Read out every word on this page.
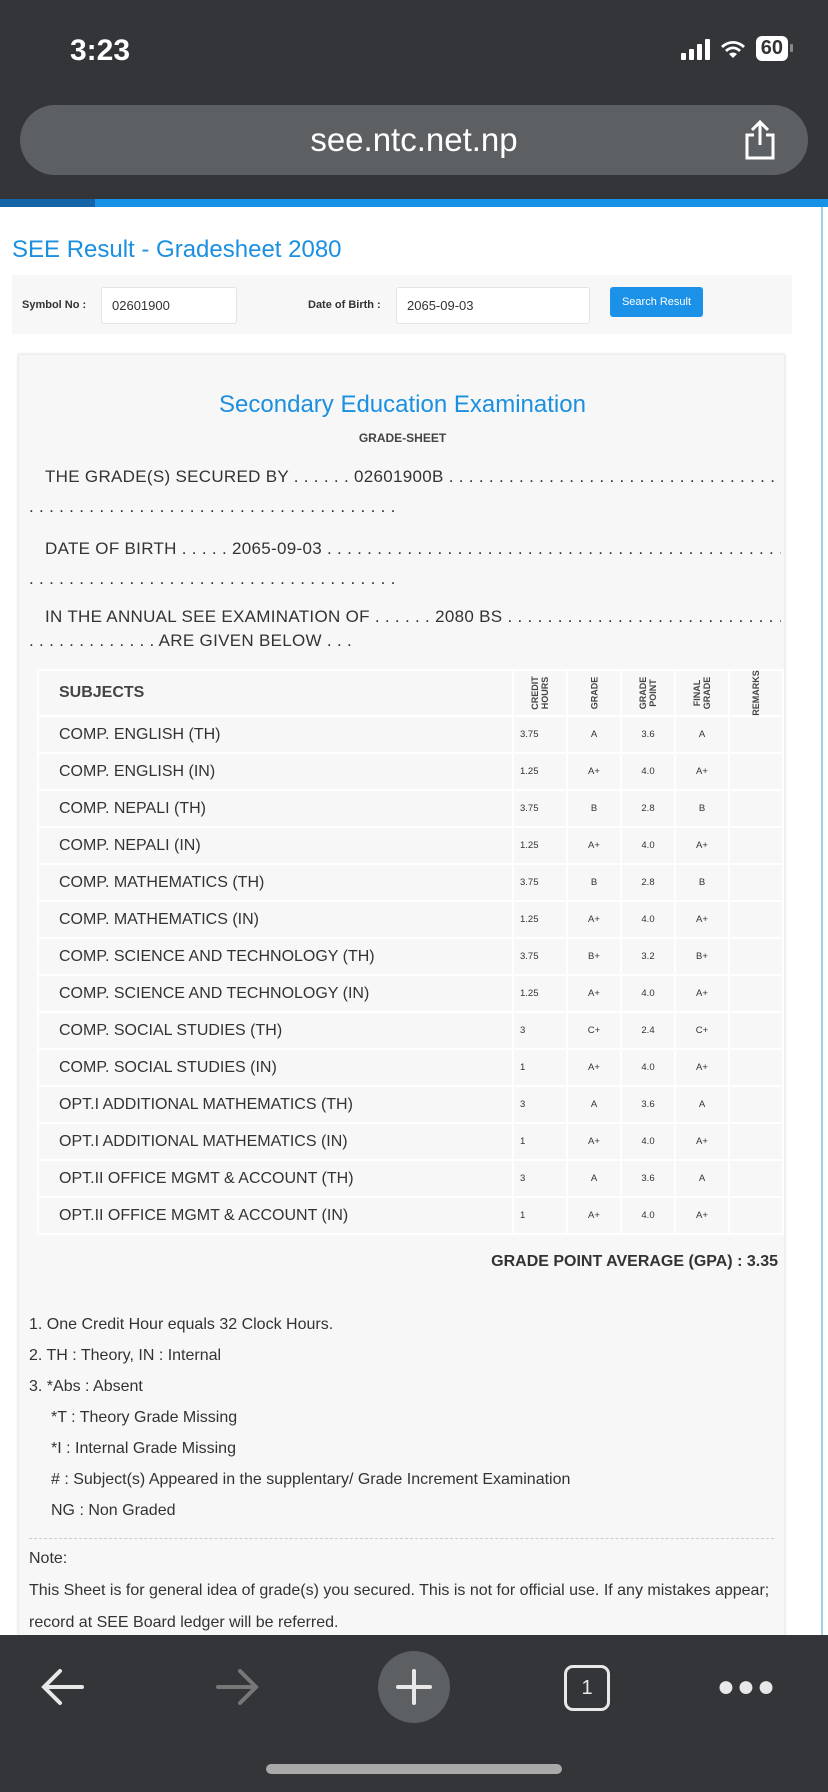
3:23	60
see.ntc.net.np
SEE Result - Gradesheet 2080
Symbol No :
02601900	Date of Birth :
2065-09-03	Search Result
Secondary Education Examination
GRADE-SHEET
THE GRADE(S) SECURED BY . . .	02601900B . . .
. . .
DATE OF BIRTH . . .	2065-09-03 . . .
. . .
IN THE ANNUAL SEE EXAMINATION OF . . .	2080 BS . . .
. . .ARE GIVEN BELOW . . .
SUBJECTS	CREDIT HOURS	GRADE	GRADE POINT	FINAL GRADE	REMARKS
COMP. ENGLISH (TH)	3.75	A	3.6	A	
COMP. ENGLISH (IN)	1.25	A+	4.0	A+	
COMP. NEPALI (TH)	3.75	B	2.8	B	
COMP. NEPALI (IN)	1.25	A+	4.0	A+	
COMP. MATHEMATICS (TH)	3.75	B	2.8	B	
COMP. MATHEMATICS (IN)	1.25	A+	4.0	A+	
COMP. SCIENCE AND TECHNOLOGY (TH)	3.75	B+	3.2	B+	
COMP. SCIENCE AND TECHNOLOGY (IN)	1.25	A+	4.0	A+	
COMP. SOCIAL STUDIES (TH)	3	C+	2.4	C+	
COMP. SOCIAL STUDIES (IN)	1	A+	4.0	A+	
OPT.I ADDITIONAL MATHEMATICS (TH)	3	A	3.6	A	
OPT.I ADDITIONAL MATHEMATICS (IN)	1	A+	4.0	A+	
OPT.II OFFICE MGMT & ACCOUNT (TH)	3	A	3.6	A	
OPT.II OFFICE MGMT & ACCOUNT (IN)	1	A+	4.0	A+	
GRADE POINT AVERAGE (GPA) : 3.35
1. One Credit Hour equals 32 Clock Hours.
2. TH : Theory, IN : Internal
3. *Abs : Absent
*T : Theory Grade Missing
*I : Internal Grade Missing
# : Subject(s) Appeared in the supplentary/ Grade Increment Examination
NG : Non Graded
Note:
This Sheet is for general idea of grade(s) you secured. This is not for official use. If any mistakes appear; record at SEE Board ledger will be referred.
1	●●●
